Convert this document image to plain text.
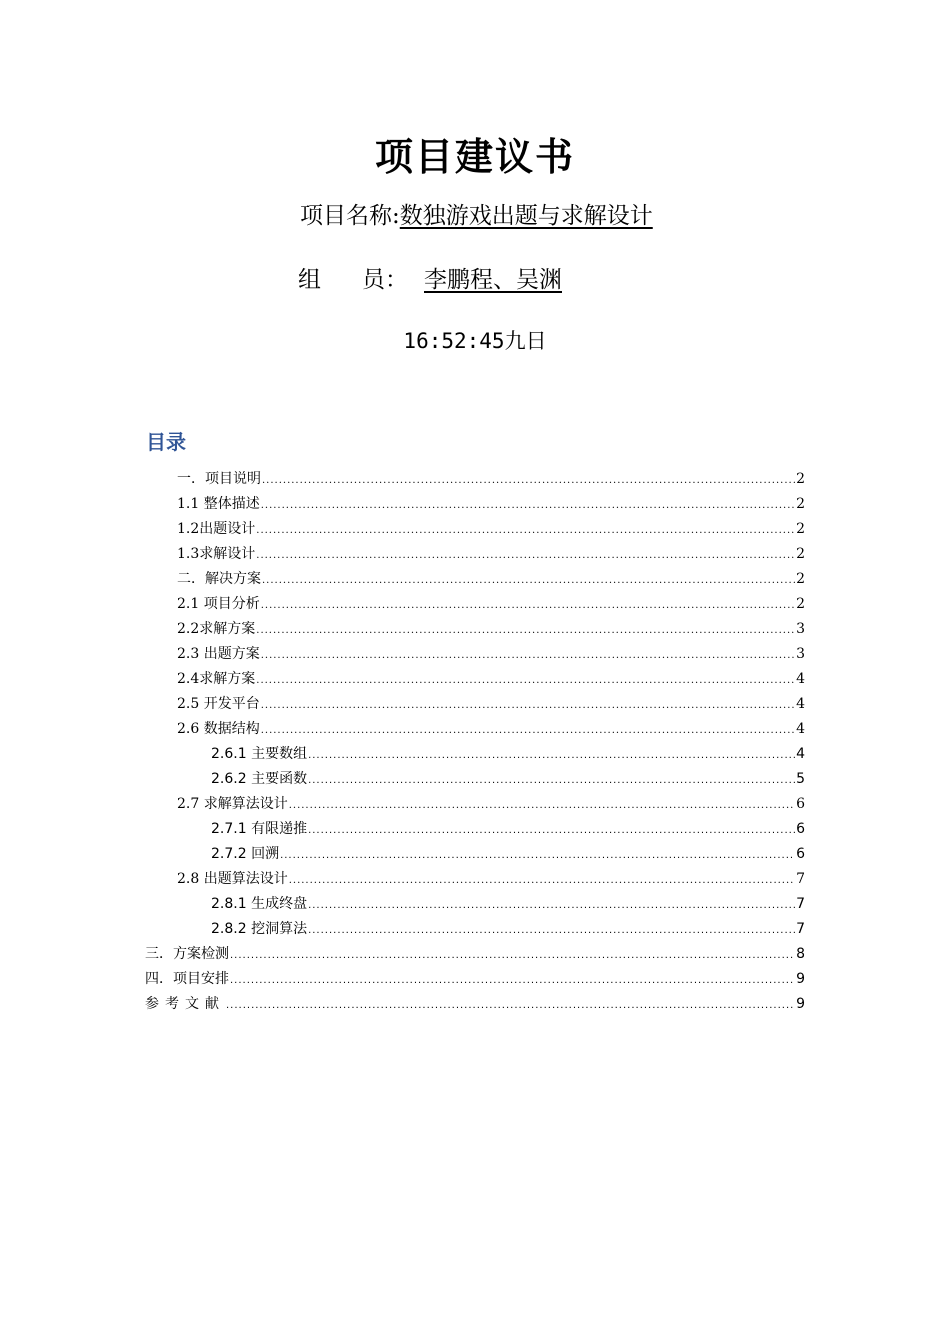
项目建议书
项目名称:数独游戏出题与求解设计
组 员： 李鹏程、吴渊
16:52:45九日
目录
一．项目说明 .....	2
1.1 整体描述 .....	2
1.2出题设计 .....	2
1.3求解设计 .....	2
二．解决方案 .....	2
2.1 项目分析 .....	2
2.2求解方案 .....	3
2.3 出题方案 .....	3
2.4求解方案 .....	4
2.5 开发平台 .....	4
2.6 数据结构 .....	4
2.6.1 主要数组 .....	4
2.6.2 主要函数 .....	5
2.7 求解算法设计 .....	6
2.7.1 有限递推 .....	6
2.7.2 回溯 .....	6
2.8 出题算法设计 .....	7
2.8.1 生成终盘 .....	7
2.8.2 挖洞算法 .....	7
三．方案检测 .....	8
四．项目安排 .....	9
参考文献 .....	9
